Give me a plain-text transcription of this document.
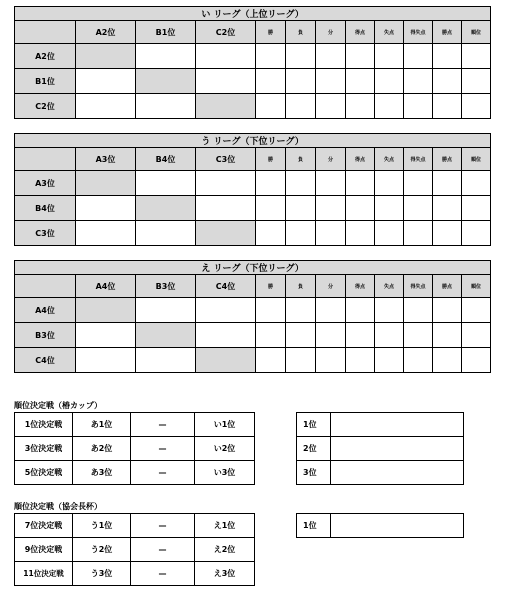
い リーグ（上位リーグ）											
	A2位	B1位	C2位	勝	負	分	得点	失点	得失点	勝点	順位
A2位											
B1位											
C2位											
う リーグ（下位リーグ）											
	A3位	B4位	C3位	勝	負	分	得点	失点	得失点	勝点	順位
A3位											
B4位											
C3位											
え リーグ（下位リーグ）											
	A4位	B3位	C4位	勝	負	分	得点	失点	得失点	勝点	順位
A4位											
B3位											
C4位											
順位決定戦（椿カップ）
1位決定戦	あ1位	—	い1位
3位決定戦	あ2位	—	い2位
5位決定戦	あ3位	—	い3位
1位	
2位	
3位	
順位決定戦（協会長杯）
7位決定戦	う1位	—	え1位
9位決定戦	う2位	—	え2位
11位決定戦	う3位	—	え3位
1位	
